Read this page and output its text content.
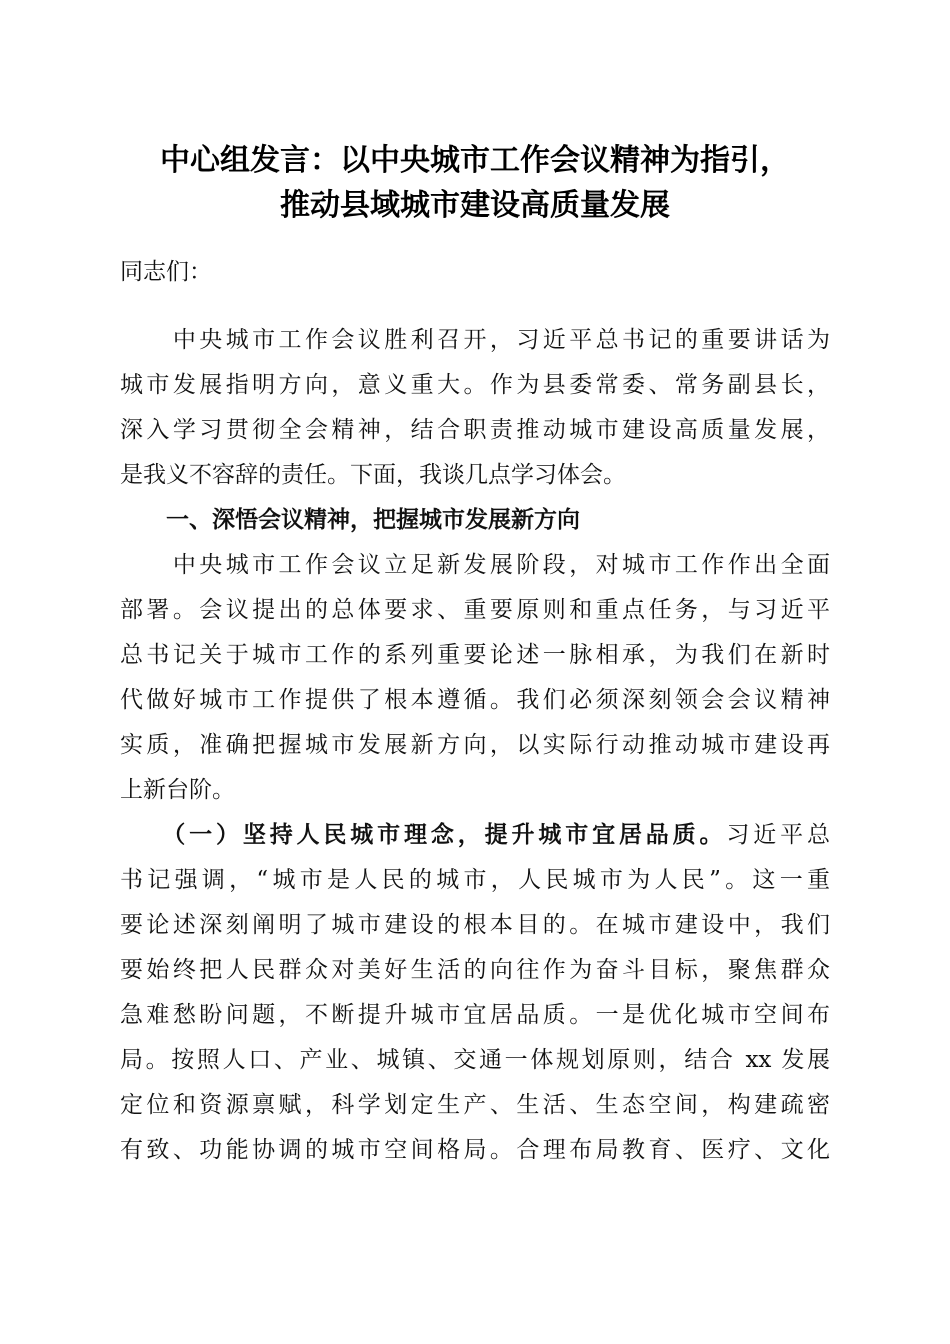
中心组发言：以中央城市工作会议精神为指引，
推动县域城市建设高质量发展
同志们：
　　中央城市工作会议胜利召开，习近平总书记的重要讲话为
城市发展指明方向，意义重大。作为县委常委、常务副县长，
深入学习贯彻全会精神，结合职责推动城市建设高质量发展，
是我义不容辞的责任。下面，我谈几点学习体会。
　　一、深悟会议精神，把握城市发展新方向
　　中央城市工作会议立足新发展阶段，对城市工作作出全面
部署。会议提出的总体要求、重要原则和重点任务，与习近平
总书记关于城市工作的系列重要论述一脉相承，为我们在新时
代做好城市工作提供了根本遵循。我们必须深刻领会会议精神
实质，准确把握城市发展新方向，以实际行动推动城市建设再
上新台阶。
　　（一）坚持人民城市理念，提升城市宜居品质。习近平总
书记强调，“城市是人民的城市，人民城市为人民”。这一重
要论述深刻阐明了城市建设的根本目的。在城市建设中，我们
要始终把人民群众对美好生活的向往作为奋斗目标，聚焦群众
急难愁盼问题，不断提升城市宜居品质。一是优化城市空间布
局。按照人口、产业、城镇、交通一体规划原则，结合 xx 发展
定位和资源禀赋，科学划定生产、生活、生态空间，构建疏密
有致、功能协调的城市空间格局。合理布局教育、医疗、文化
